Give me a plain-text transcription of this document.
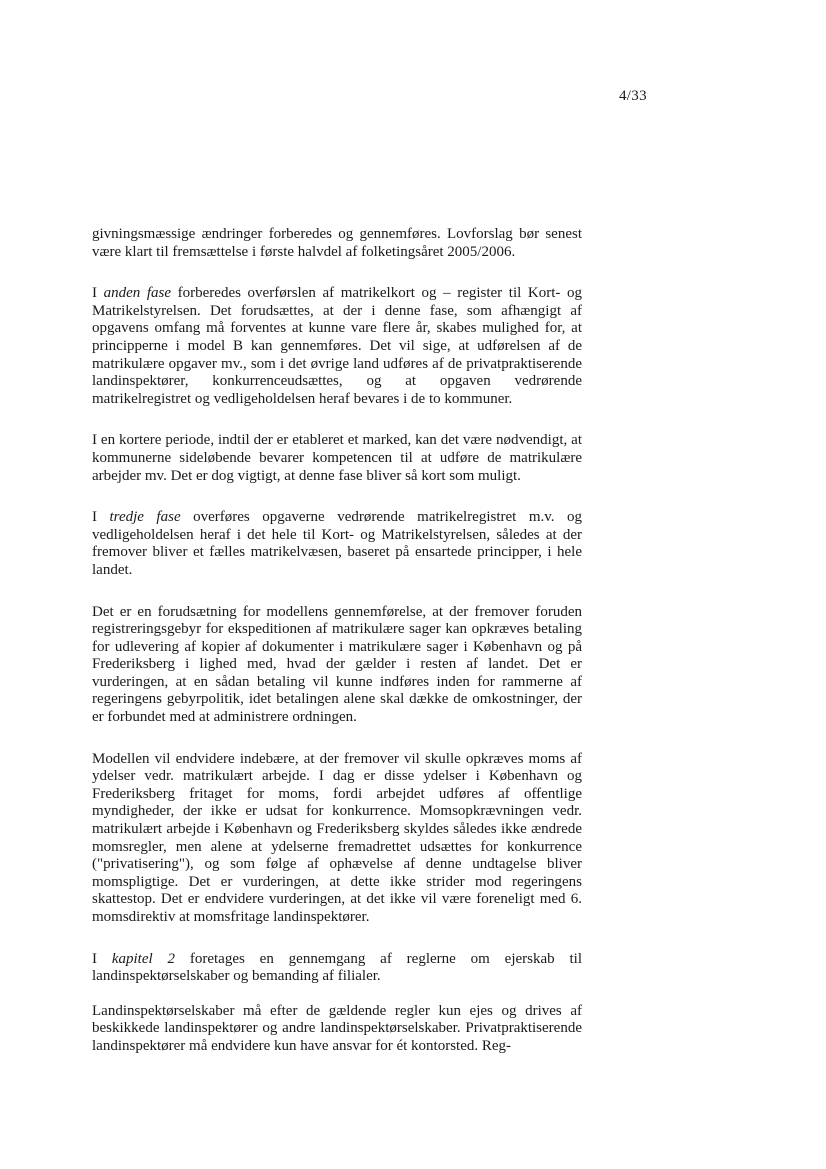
4/33

givningsmæssige ændringer forberedes og gennemføres. Lovforslag bør senest være klart til fremsættelse i første halvdel af folketingsåret 2005/2006.

I anden fase forberedes overførslen af matrikelkort og – register til Kort- og Matrikelstyrelsen. Det forudsættes, at der i denne fase, som afhængigt af opgavens omfang må forventes at kunne vare flere år, skabes mulighed for, at principperne i model B kan gennemføres. Det vil sige, at udførelsen af de matrikulære opgaver mv., som i det øvrige land udføres af de privatpraktiserende landinspektører, konkurrenceudsættes, og at opgaven vedrørende matrikelregistret og vedligeholdelsen heraf bevares i de to kommuner.

I en kortere periode, indtil der er etableret et marked, kan det være nødvendigt, at kommunerne sideløbende bevarer kompetencen til at udføre de matrikulære arbejder mv. Det er dog vigtigt, at denne fase bliver så kort som muligt.

I tredje fase overføres opgaverne vedrørende matrikelregistret m.v. og vedligeholdelsen heraf i det hele til Kort- og Matrikelstyrelsen, således at der fremover bliver et fælles matrikelvæsen, baseret på ensartede principper, i hele landet.

Det er en forudsætning for modellens gennemførelse, at der fremover foruden registreringsgebyr for ekspeditionen af matrikulære sager kan opkræves betaling for udlevering af kopier af dokumenter i matrikulære sager i København og på Frederiksberg i lighed med, hvad der gælder i resten af landet. Det er vurderingen, at en sådan betaling vil kunne indføres inden for rammerne af regeringens gebyrpolitik, idet betalingen alene skal dække de omkostninger, der er forbundet med at administrere ordningen.

Modellen vil endvidere indebære, at der fremover vil skulle opkræves moms af ydelser vedr. matrikulært arbejde. I dag er disse ydelser i København og Frederiksberg fritaget for moms, fordi arbejdet udføres af offentlige myndigheder, der ikke er udsat for konkurrence. Momsopkrævningen vedr. matrikulært arbejde i København og Frederiksberg skyldes således ikke ændrede momsregler, men alene at ydelserne fremadrettet udsættes for konkurrence ("privatisering"), og som følge af ophævelse af denne undtagelse bliver momspligtige. Det er vurderingen, at dette ikke strider mod regeringens skattestop. Det er endvidere vurderingen, at det ikke vil være foreneligt med 6. momsdirektiv at momsfritage landinspektører.

I kapitel 2 foretages en gennemgang af reglerne om ejerskab til landinspektørselskaber og bemanding af filialer.

Landinspektørselskaber må efter de gældende regler kun ejes og drives af beskikkede landinspektører og andre landinspektørselskaber. Privatpraktiserende landinspektører må endvidere kun have ansvar for ét kontorsted. Reg-
